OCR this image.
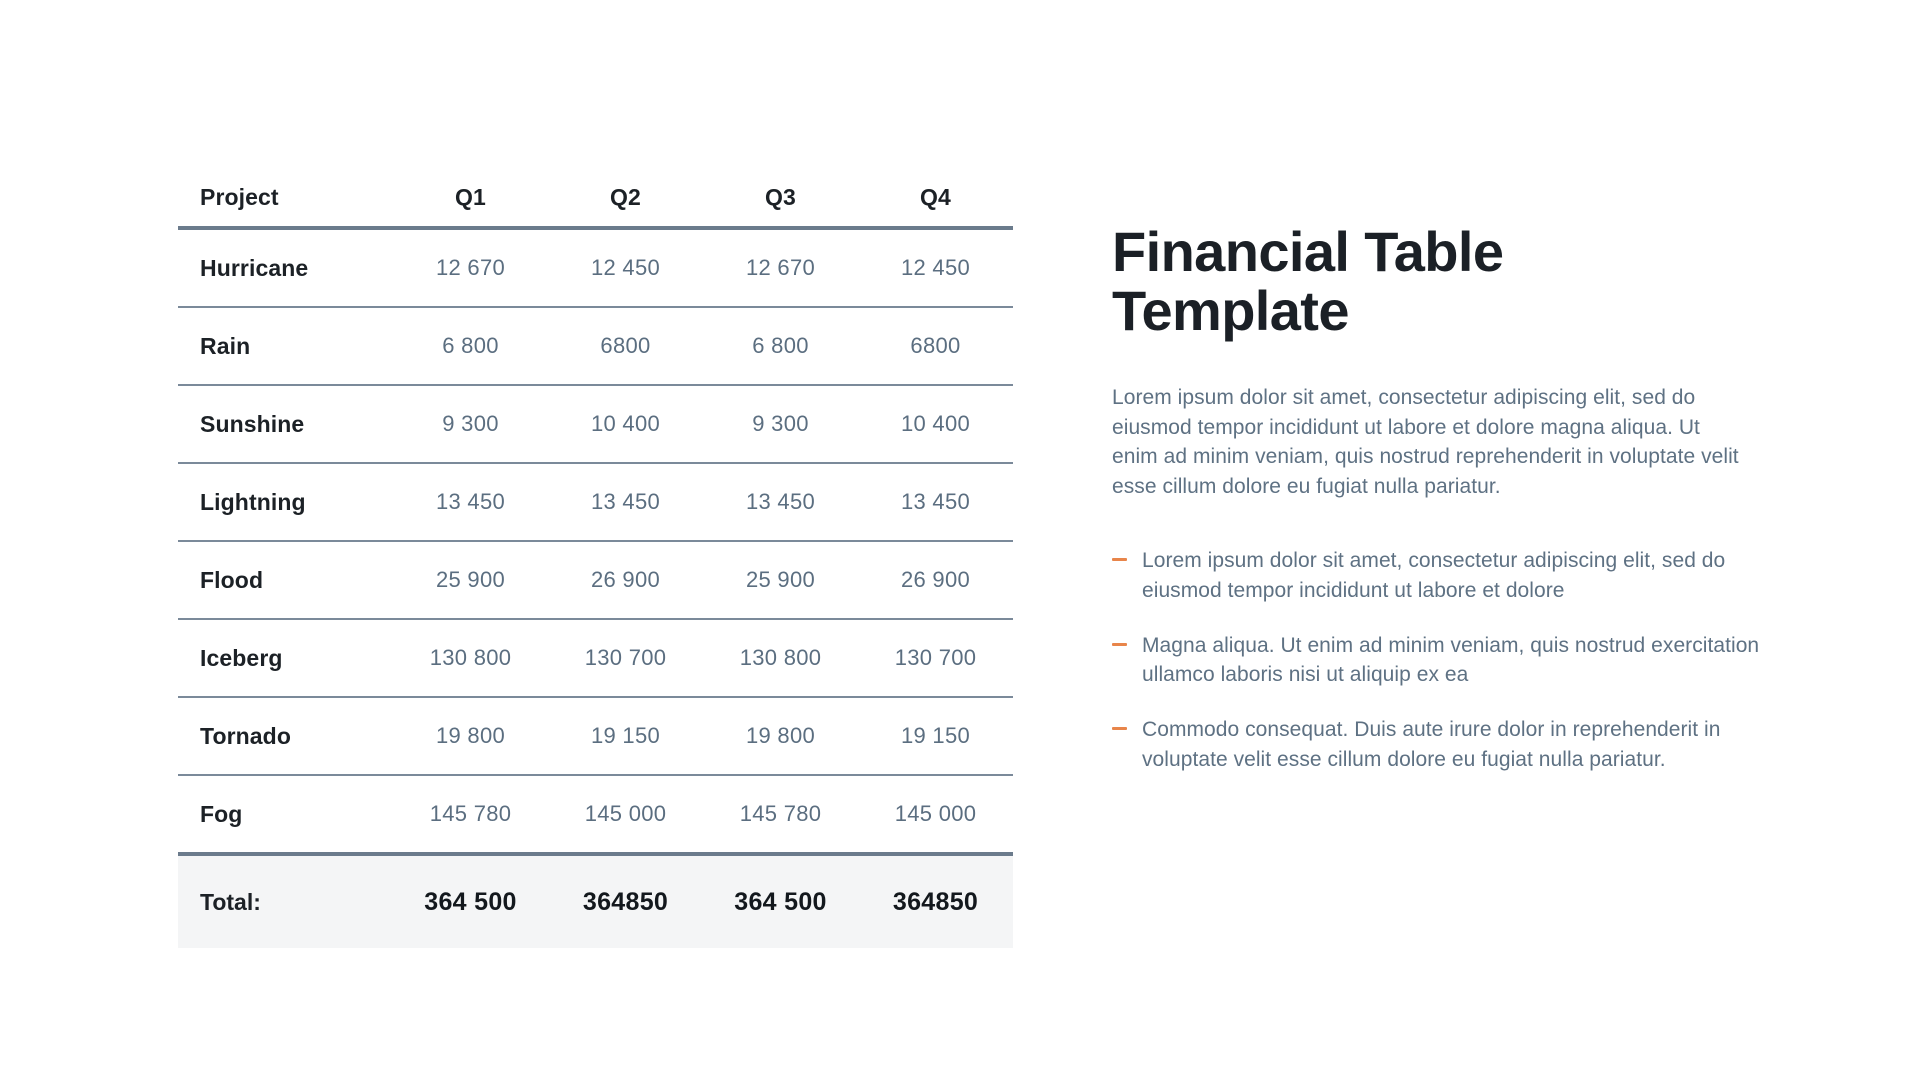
Project	Q1	Q2	Q3	Q4
Hurricane	12 670	12 450	12 670	12 450
Rain	6 800	6800	6 800	6800
Sunshine	9 300	10 400	9 300	10 400
Lightning	13 450	13 450	13 450	13 450
Flood	25 900	26 900	25 900	26 900
Iceberg	130 800	130 700	130 800	130 700
Tornado	19 800	19 150	19 800	19 150
Fog	145 780	145 000	145 780	145 000
Total:	364 500	364850	364 500	364850
Financial Table Template

Lorem ipsum dolor sit amet, consectetur adipiscing elit, sed do eiusmod tempor incididunt ut labore et dolore magna aliqua. Ut enim ad minim veniam, quis nostrud reprehenderit in voluptate velit esse cillum dolore eu fugiat nulla pariatur.

Lorem ipsum dolor sit amet, consectetur adipiscing elit, sed do eiusmod tempor incididunt ut labore et dolore
Magna aliqua. Ut enim ad minim veniam, quis nostrud exercitation ullamco laboris nisi ut aliquip ex ea
Commodo consequat. Duis aute irure dolor in reprehenderit in voluptate velit esse cillum dolore eu fugiat nulla pariatur.
